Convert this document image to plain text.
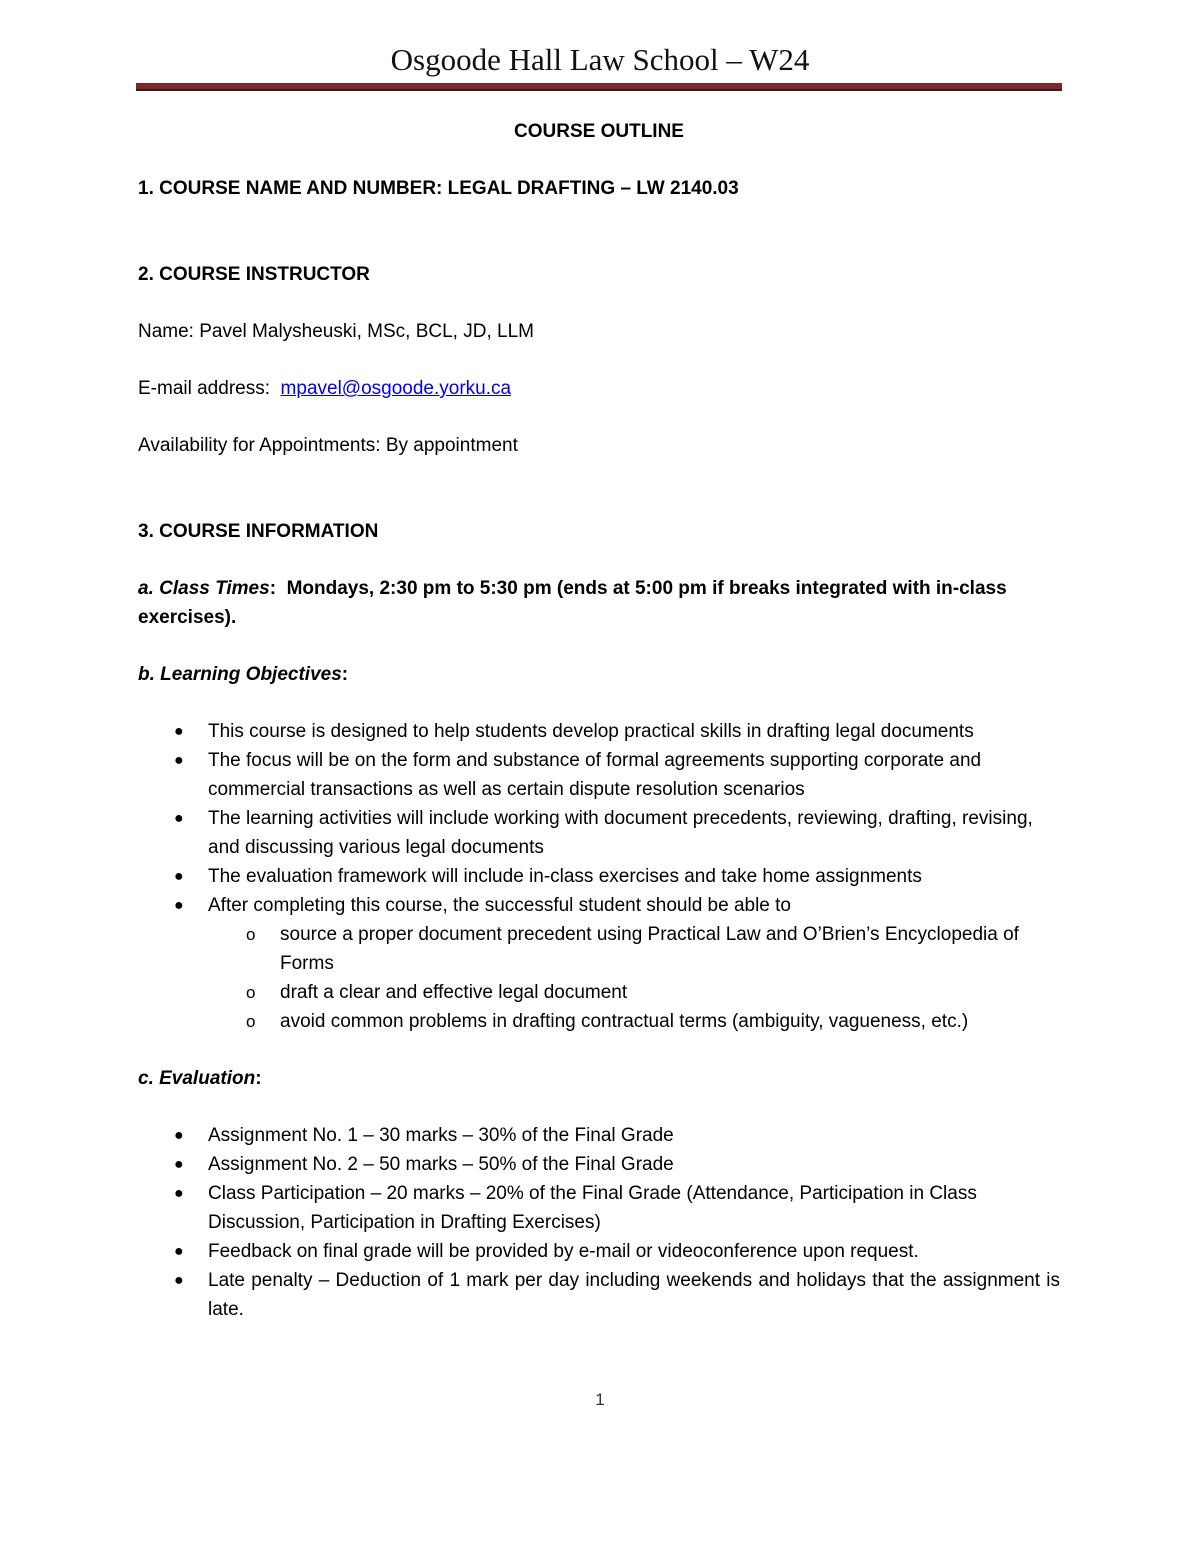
Osgoode Hall Law School – W24

COURSE OUTLINE

1. COURSE NAME AND NUMBER: LEGAL DRAFTING – LW 2140.03

2. COURSE INSTRUCTOR

Name: Pavel Malysheuski, MSc, BCL, JD, LLM

E-mail address:  mpavel@osgoode.yorku.ca

Availability for Appointments: By appointment

3. COURSE INFORMATION

a. Class Times:  Mondays, 2:30 pm to 5:30 pm (ends at 5:00 pm if breaks integrated with in-class exercises).

b. Learning Objectives:

● This course is designed to help students develop practical skills in drafting legal documents
● The focus will be on the form and substance of formal agreements supporting corporate and commercial transactions as well as certain dispute resolution scenarios
● The learning activities will include working with document precedents, reviewing, drafting, revising, and discussing various legal documents
● The evaluation framework will include in-class exercises and take home assignments
● After completing this course, the successful student should be able to
o source a proper document precedent using Practical Law and O’Brien’s Encyclopedia of Forms
o draft a clear and effective legal document
o avoid common problems in drafting contractual terms (ambiguity, vagueness, etc.)

c. Evaluation:

● Assignment No. 1 – 30 marks – 30% of the Final Grade
● Assignment No. 2 – 50 marks – 50% of the Final Grade
● Class Participation – 20 marks – 20% of the Final Grade (Attendance, Participation in Class Discussion, Participation in Drafting Exercises)
● Feedback on final grade will be provided by e-mail or videoconference upon request.
● Late penalty – Deduction of 1 mark per day including weekends and holidays that the assignment is late.
1
